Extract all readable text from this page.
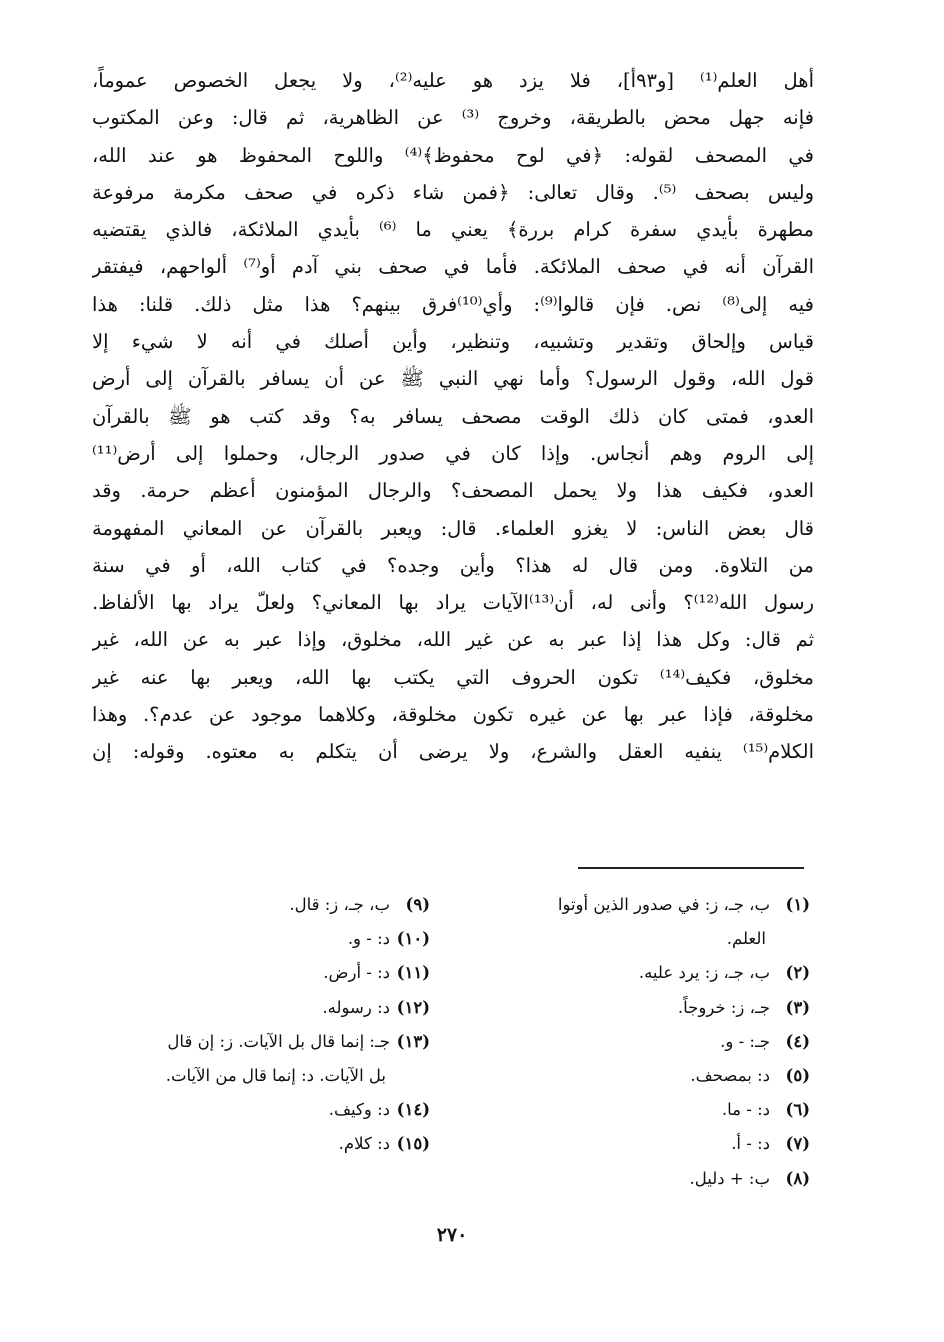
أهل العلم⁽¹⁾ [و٩٣أ]، فلا يزد هو عليه⁽²⁾، ولا يجعل الخصوص عموماً،
فإنه جهل محض بالطريقة، وخروج ⁽³⁾ عن الظاهرية، ثم قال: وعن المكتوب
في المصحف لقوله: ﴿في لوح محفوظ﴾⁽⁴⁾ واللوح المحفوظ هو عند الله،
وليس بصحف ⁽⁵⁾. وقال تعالى: ﴿فمن شاء ذكره في صحف مكرمة مرفوعة
مطهرة بأيدي سفرة كرام بررة﴾ يعني ما ⁽⁶⁾ بأيدي الملائكة، فالذي يقتضيه
القرآن أنه في صحف الملائكة. فأما في صحف بني آدم أو⁽⁷⁾ ألواحهم، فيفتقر
فيه إلى⁽⁸⁾ نص. فإن قالوا⁽⁹⁾: وأي⁽¹⁰⁾فرق بينهم؟ هذا مثل ذلك. قلنا: هذا
قياس وإلحاق وتقدير وتشبيه، وتنظير، وأين أصلك في أنه لا شيء إلا
قول الله، وقول الرسول؟ وأما نهي النبي ﷺ عن أن يسافر بالقرآن إلى أرض
العدو، فمتى كان ذلك الوقت مصحف يسافر به؟ وقد كتب هو ﷺ بالقرآن
إلى الروم وهم أنجاس. وإذا كان في صدور الرجال، وحملوا إلى أرض⁽¹¹⁾
العدو، فكيف هذا ولا يحمل المصحف؟ والرجال المؤمنون أعظم حرمة. وقد
قال بعض الناس: لا يغزو العلماء. قال: ويعبر بالقرآن عن المعاني المفهومة
من التلاوة. ومن قال له هذا؟ وأين وجده؟ في كتاب الله، أو في سنة
رسول الله⁽¹²⁾؟ وأنى له، أن⁽¹³⁾الآيات يراد بها المعاني؟ ولعلّ يراد بها الألفاظ.
ثم قال: وكل هذا إذا عبر به عن غير الله، مخلوق، وإذا عبر به عن الله، غير
مخلوق، فكيف⁽¹⁴⁾ تكون الحروف التي يكتب بها الله، ويعبر بها عنه غير
مخلوقة، فإذا عبر بها عن غيره تكون مخلوقة، وكلاهما موجود عن عدم؟. وهذا
الكلام⁽¹⁵⁾ ينفيه العقل والشرع، ولا يرضى أن يتكلم به معتوه. وقوله: إن
(١)ب، جـ، ز: في صدور الذين أوتوا
العلم.
(٢)ب، جـ، ز: يرد عليه.
(٣)جـ، ز: خروجاً.
(٤)جـ: - و.
(٥)د: بمصحف.
(٦)د: - ما.
(٧)د: - أ.
(٨)ب: + دليل.
(٩)ب، جـ، ز: قال.
(١٠)د: - و.
(١١)د: - أرض.
(١٢)د: رسوله.
(١٣)جـ: إنما قال بل الآيات. ز: إن قال
بل الآيات. د: إنما قال من الآيات.
(١٤)د: وكيف.
(١٥)د: كلام.
٢٧٠
